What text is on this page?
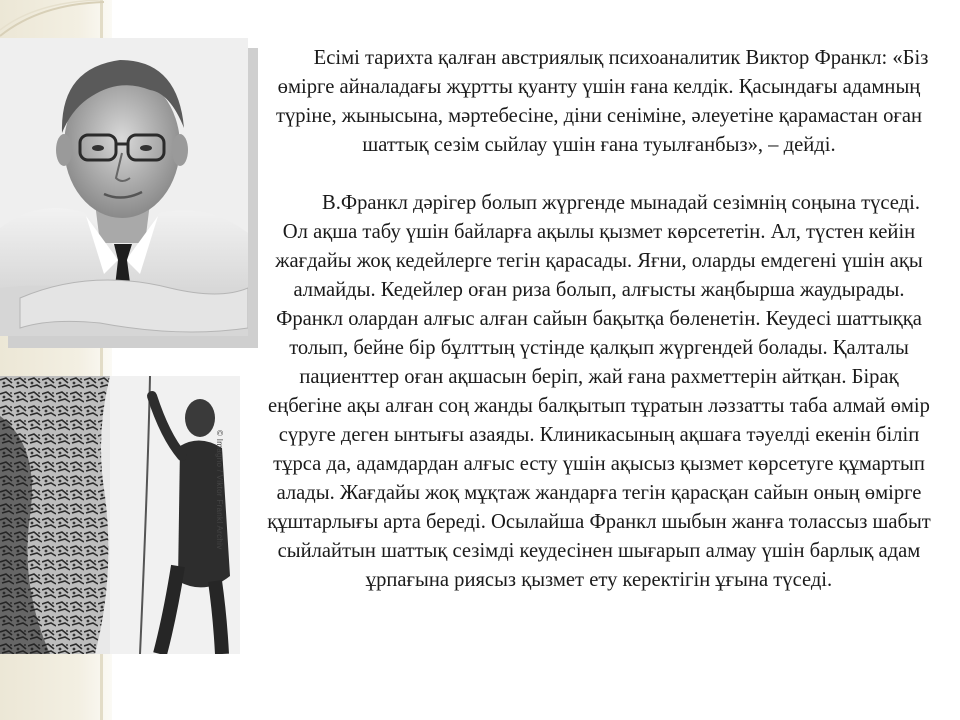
© Imagno / Viktor Frankl Archiv

Есімі тарихта қалған австриялық психоаналитик Виктор Франкл: «Біз өмірге айналадағы жұртты қуанту үшін ғана келдік. Қасындағы адамның түріне, жынысына, мәртебесіне, діни сеніміне, әлеуетіне қарамастан оған шаттық сезім сыйлау үшін ғана туылғанбыз», – дейді.

В.Франкл дәрігер болып жүргенде мынадай сезімнің соңына түседі. Ол ақша табу үшін байларға ақылы қызмет көрсететін. Ал, түстен кейін жағдайы жоқ кедейлерге тегін қарасады. Яғни, оларды емдегені үшін ақы алмайды. Кедейлер оған риза болып, алғысты жаңбырша жаудырады. Франкл олардан алғыс алған сайын бақытқа бөленетін. Кеудесі шаттыққа толып, бейне бір бұлттың үстінде қалқып жүргендей болады. Қалталы пациенттер оған ақшасын беріп, жай ғана рахметтерін айтқан. Бірақ еңбегіне ақы алған соң жанды балқытып тұратын ләззатты таба алмай өмір сүруге деген ынтығы азаяды. Клиникасының ақшаға тәуелді екенін біліп тұрса да, адамдардан алғыс есту үшін ақысыз қызмет көрсетуге құмартып алады. Жағдайы жоқ мұқтаж жандарға тегін қарасқан сайын оның өмірге құштарлығы арта береді. Осылайша Франкл шыбын жанға толассыз шабыт сыйлайтын шаттық сезімді кеудесінен шығарып алмау үшін барлық адам ұрпағына риясыз қызмет ету керектігін ұғына түседі.
